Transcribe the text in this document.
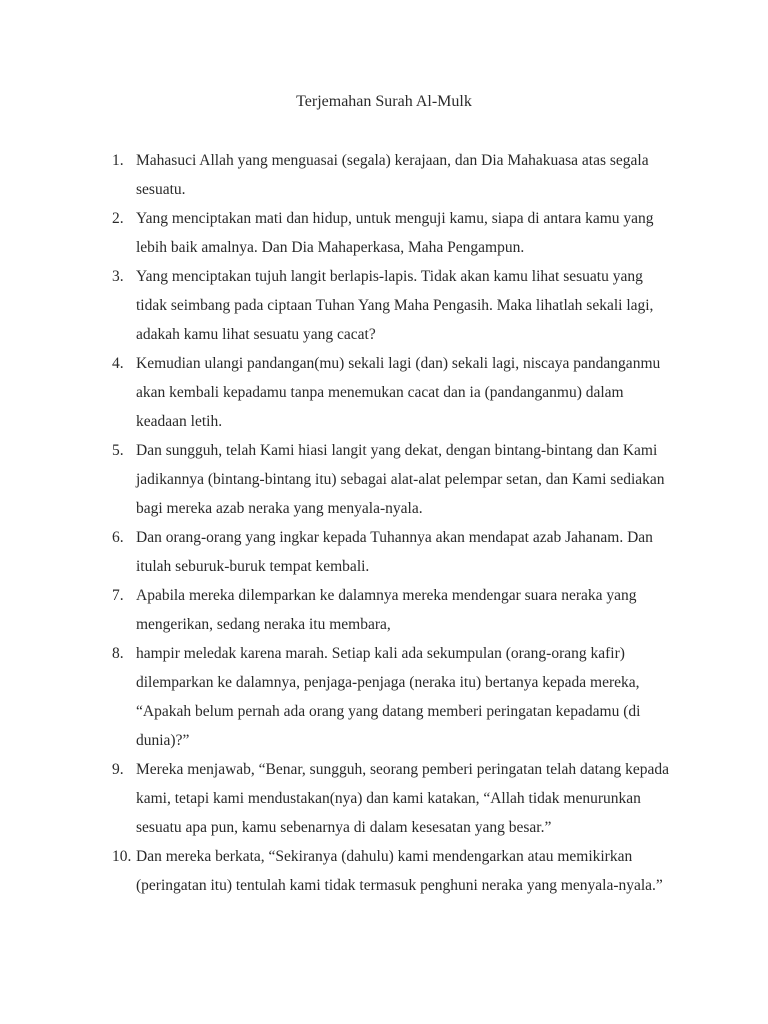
Terjemahan Surah Al-Mulk
1. Mahasuci Allah yang menguasai (segala) kerajaan, dan Dia Mahakuasa atas segala sesuatu.
2. Yang menciptakan mati dan hidup, untuk menguji kamu, siapa di antara kamu yang lebih baik amalnya. Dan Dia Mahaperkasa, Maha Pengampun.
3. Yang menciptakan tujuh langit berlapis-lapis. Tidak akan kamu lihat sesuatu yang tidak seimbang pada ciptaan Tuhan Yang Maha Pengasih. Maka lihatlah sekali lagi, adakah kamu lihat sesuatu yang cacat?
4. Kemudian ulangi pandangan(mu) sekali lagi (dan) sekali lagi, niscaya pandanganmu akan kembali kepadamu tanpa menemukan cacat dan ia (pandanganmu) dalam keadaan letih.
5. Dan sungguh, telah Kami hiasi langit yang dekat, dengan bintang-bintang dan Kami jadikannya (bintang-bintang itu) sebagai alat-alat pelempar setan, dan Kami sediakan bagi mereka azab neraka yang menyala-nyala.
6. Dan orang-orang yang ingkar kepada Tuhannya akan mendapat azab Jahanam. Dan itulah seburuk-buruk tempat kembali.
7. Apabila mereka dilemparkan ke dalamnya mereka mendengar suara neraka yang mengerikan, sedang neraka itu membara,
8. hampir meledak karena marah. Setiap kali ada sekumpulan (orang-orang kafir) dilemparkan ke dalamnya, penjaga-penjaga (neraka itu) bertanya kepada mereka, “Apakah belum pernah ada orang yang datang memberi peringatan kepadamu (di dunia)?”
9. Mereka menjawab, “Benar, sungguh, seorang pemberi peringatan telah datang kepada kami, tetapi kami mendustakan(nya) dan kami katakan, “Allah tidak menurunkan sesuatu apa pun, kamu sebenarnya di dalam kesesatan yang besar.”
10. Dan mereka berkata, “Sekiranya (dahulu) kami mendengarkan atau memikirkan (peringatan itu) tentulah kami tidak termasuk penghuni neraka yang menyala-nyala.”
